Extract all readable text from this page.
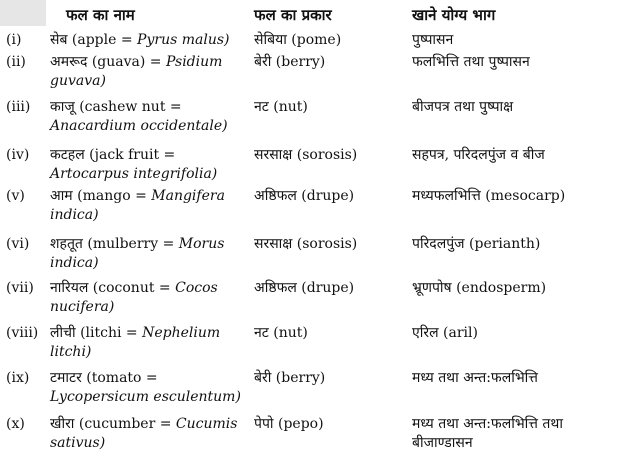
फल का नाम	फल का प्रकार	खाने योग्य भाग
(i) सेब (apple = Pyrus malus)	सेबिया (pome)	पुष्पासन
(ii) अमरूद (guava) = Psidium
guvava)
बेरी (berry)	फलभित्ति तथा पुष्पासन
(iii) काजू (cashew nut =
Anacardium occidentale)
नट (nut)	बीजपत्र तथा पुष्पाक्ष
(iv) कटहल (jack fruit =
Artocarpus integrifolia)
सरसाक्ष (sorosis)	सहपत्र, परिदलपुंज व बीज
(v) आम (mango = Mangifera
indica)
अष्ठिफल (drupe)	मध्यफलभित्ति (mesocarp)
(vi) शहतूत (mulberry = Morus
indica)
सरसाक्ष (sorosis)	परिदलपुंज (perianth)
(vii) नारियल (coconut = Cocos
nucifera)
अष्ठिफल (drupe)	भ्रूणपोष (endosperm)
(viii) लीची (litchi = Nephelium
litchi)
नट (nut)	एरिल (aril)
(ix) टमाटर (tomato =
Lycopersicum esculentum)
बेरी (berry)	मध्य तथा अन्त:फलभित्ति
(x) खीरा (cucumber = Cucumis
sativus)
पेपो (pepo)	मध्य तथा अन्त:फलभित्ति तथा
बीजाण्डासन
